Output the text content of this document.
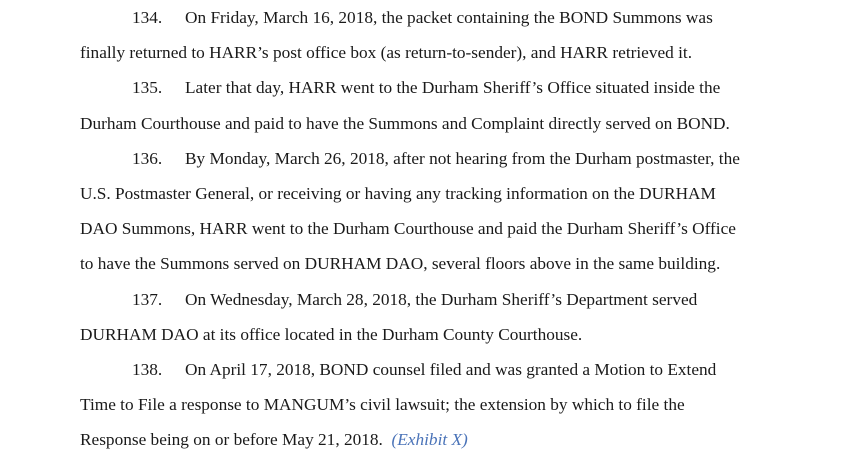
134. On Friday, March 16, 2018, the packet containing the BOND Summons was
finally returned to HARR’s post office box (as return-to-sender), and HARR retrieved it.
135. Later that day, HARR went to the Durham Sheriff’s Office situated inside the
Durham Courthouse and paid to have the Summons and Complaint directly served on BOND.
136. By Monday, March 26, 2018, after not hearing from the Durham postmaster, the
U.S. Postmaster General, or receiving or having any tracking information on the DURHAM
DAO Summons, HARR went to the Durham Courthouse and paid the Durham Sheriff’s Office
to have the Summons served on DURHAM DAO, several floors above in the same building.
137. On Wednesday, March 28, 2018, the Durham Sheriff’s Department served
DURHAM DAO at its office located in the Durham County Courthouse.
138. On April 17, 2018, BOND counsel filed and was granted a Motion to Extend
Time to File a response to MANGUM’s civil lawsuit; the extension by which to file the
Response being on or before May 21, 2018. (Exhibit X)
